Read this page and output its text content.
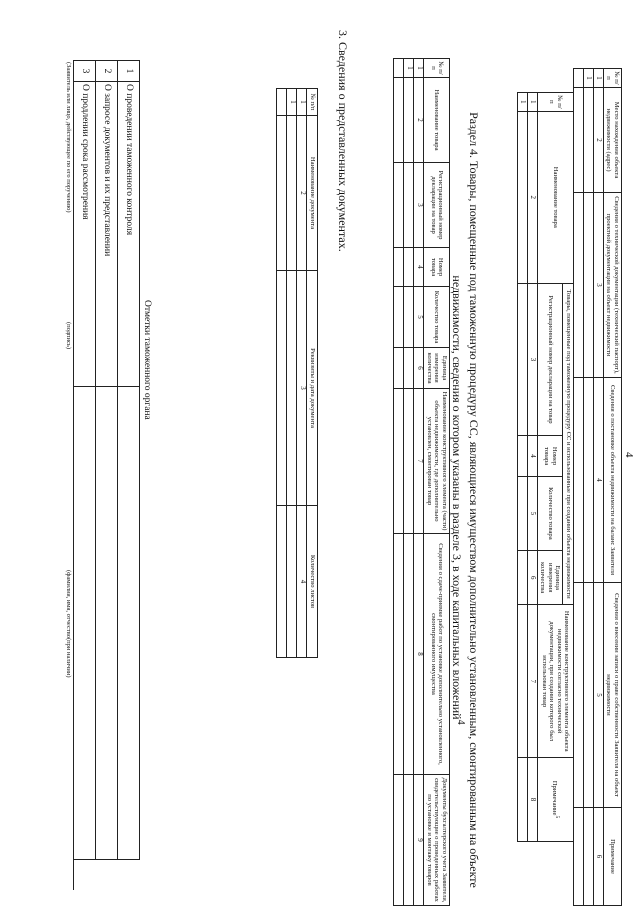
4
№ п/п	Место нахождения объекта недвижимости (адрес)	Сведения о технической документации (технический паспорт), проектной документации на объект недвижимости	Сведения о постановке объекта недвижимости на баланс Заявителя	Сведения о внесении записи о праве собственности Заявителя на объект недвижимости	Примечание
1	2	3	4	5	6
1					

№ п/п	Наименование товара	Товары, помещенные под таможенную процедуру СС и использованные при создании объекта недвижимости				Наименование конструктивного элемента объекта недвижимости согласно технической документации, при создании которого был использован товар	Примечание$^5$
		Регистрационный номер декларации на товар	Номер товара	Количество товара	Единица измерения количества		
1	2	3	4	5	6	7	8
1							
Раздел 4. Товары, помещенные под таможенную процедуру СС, являющиеся имуществом дополнительно установленным, смонтированным на объекте недвижимости, сведения о котором указаны в разделе 3, в ходе капитальных вложений$^4$
№ п/п	Наименование товара	Регистрационный номер декларации на товар	Номер товара	Количество товара	Единица измерения количества	Наименование конструктивного элемента (части) объекта недвижимости, где дополнительно установлен, смонтирован товар	Сведения о сдаче-приемке работ по установке дополнительно установленного, смонтированного имущества	Документы бухгалтерского учета Заявителя, свидетельствующие о проведенных работах по установке и монтажу товаров
1	2	3	4	5	6	7	8	9
1								

3. Сведения о представленных документах.
№ п/п	Наименование документа	Реквизиты и дата документа	Количество листов
1	2	3	4
1			

Отметки таможенного органа
1	О проведении таможенного контроля	
2	О запросе документов и их представлении	
3	О продлении срока рассмотрения	
(Заявитель или лицо, действующее по его поручению)
(подпись)
(фамилия, имя, отчество(при наличии)
